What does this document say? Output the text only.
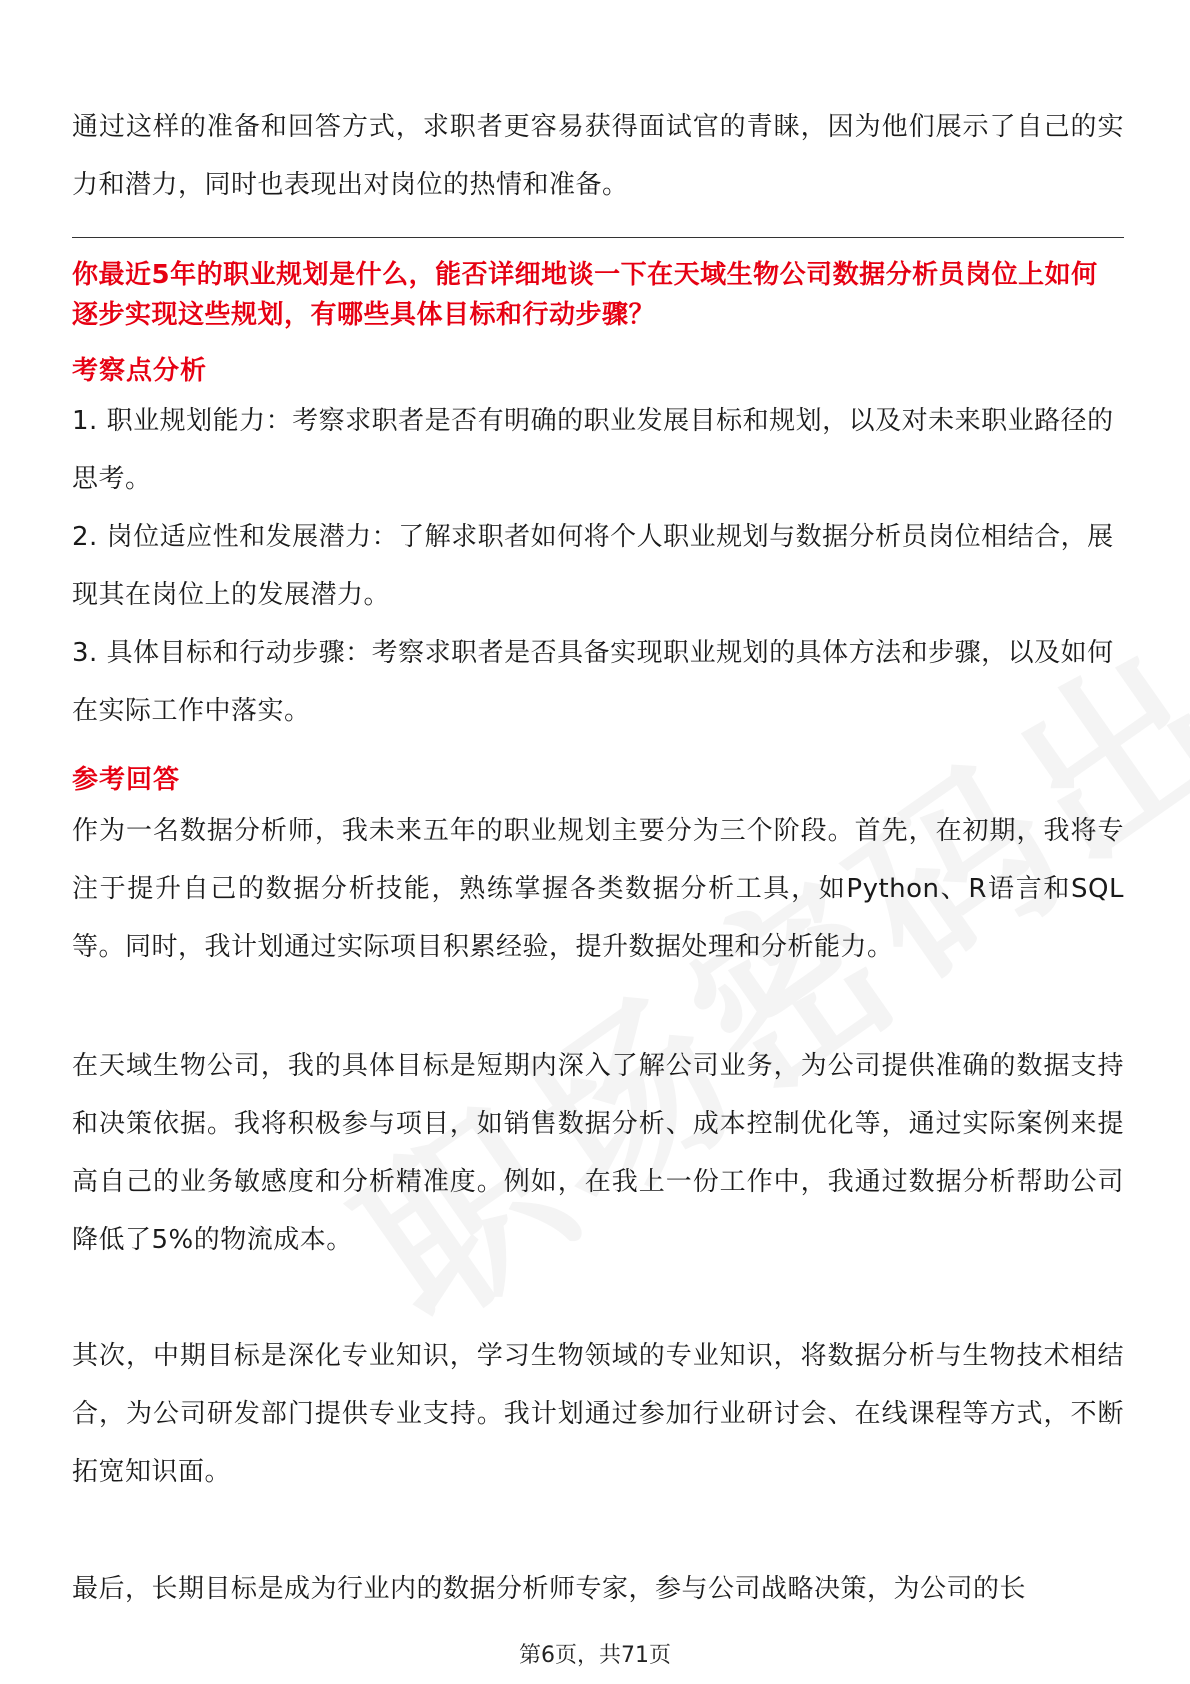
通过这样的准备和回答方式，求职者更容易获得面试官的青睐，因为他们展示了自己的实力和潜力，同时也表现出对岗位的热情和准备。

你最近5年的职业规划是什么，能否详细地谈一下在天域生物公司数据分析员岗位上如何逐步实现这些规划，有哪些具体目标和行动步骤？

考察点分析

1. 职业规划能力：考察求职者是否有明确的职业发展目标和规划，以及对未来职业路径的思考。

2. 岗位适应性和发展潜力：了解求职者如何将个人职业规划与数据分析员岗位相结合，展现其在岗位上的发展潜力。

3. 具体目标和行动步骤：考察求职者是否具备实现职业规划的具体方法和步骤，以及如何在实际工作中落实。

参考回答

作为一名数据分析师，我未来五年的职业规划主要分为三个阶段。首先，在初期，我将专注于提升自己的数据分析技能，熟练掌握各类数据分析工具，如Python、R语言和SQL等。同时，我计划通过实际项目积累经验，提升数据处理和分析能力。

在天域生物公司，我的具体目标是短期内深入了解公司业务，为公司提供准确的数据支持和决策依据。我将积极参与项目，如销售数据分析、成本控制优化等，通过实际案例来提高自己的业务敏感度和分析精准度。例如，在我上一份工作中，我通过数据分析帮助公司降低了5%的物流成本。

其次，中期目标是深化专业知识，学习生物领域的专业知识，将数据分析与生物技术相结合，为公司研发部门提供专业支持。我计划通过参加行业研讨会、在线课程等方式，不断拓宽知识面。

最后，长期目标是成为行业内的数据分析师专家，参与公司战略决策，为公司的长

第6页，共71页
